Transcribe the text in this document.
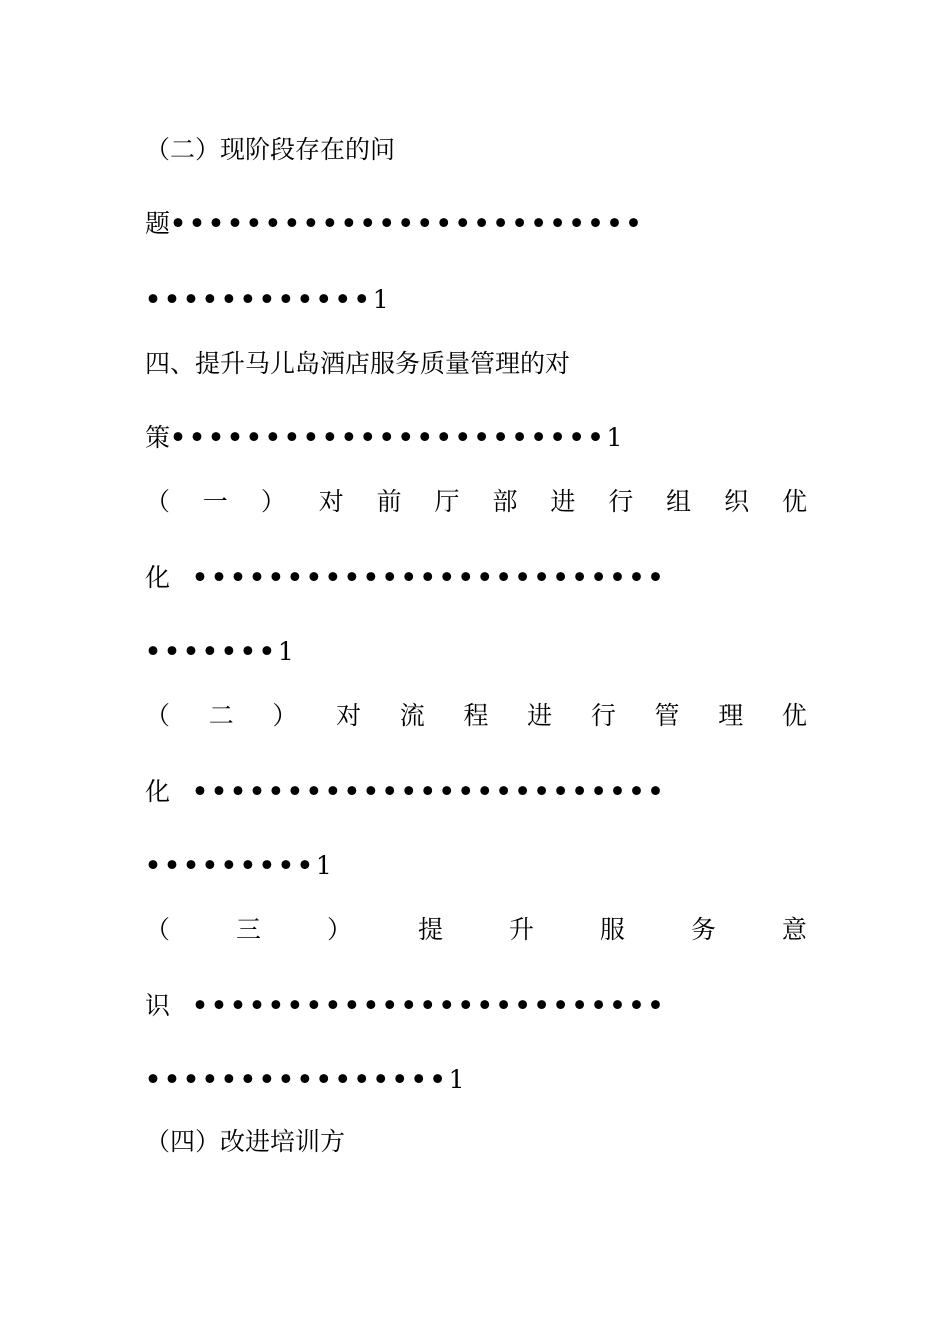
（二）现阶段存在的问
题•••••••••••••••••••••••••
••••••••••••1
四、提升马儿岛酒店服务质量管理的对
策•••••••••••••••••••••••1
（ 一 ） 对 前 厅 部 进 行 组 织 优
化 •••••••••••••••••••••••••
•••••••1
（ 二 ） 对 流 程 进 行 管 理 优
化 •••••••••••••••••••••••••
•••••••••1
（	三	）	提	升	服	务	意
识 •••••••••••••••••••••••••
••••••••••••••••1
（四）改进培训方
